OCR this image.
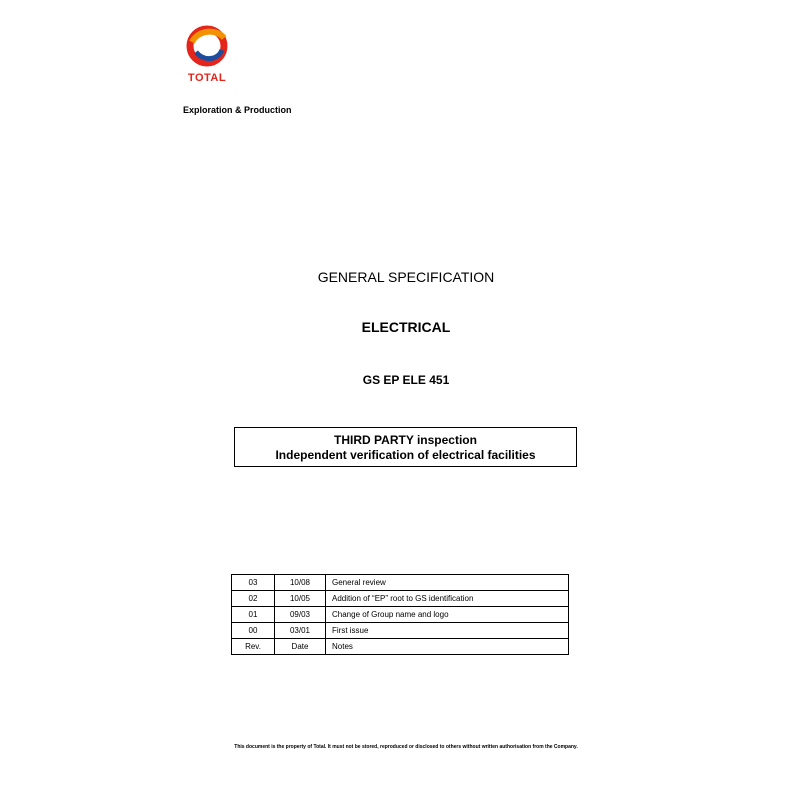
TOTAL
Exploration & Production
GENERAL SPECIFICATION
ELECTRICAL
GS EP ELE 451
THIRD PARTY inspection
Independent verification of electrical facilities
03	10/08	General review
02	10/05	Addition of “EP” root to GS identification
01	09/03	Change of Group name and logo
00	03/01	First issue
Rev.	Date	Notes
This document is the property of Total. It must not be stored, reproduced or disclosed to others without written authorisation from the Company.
